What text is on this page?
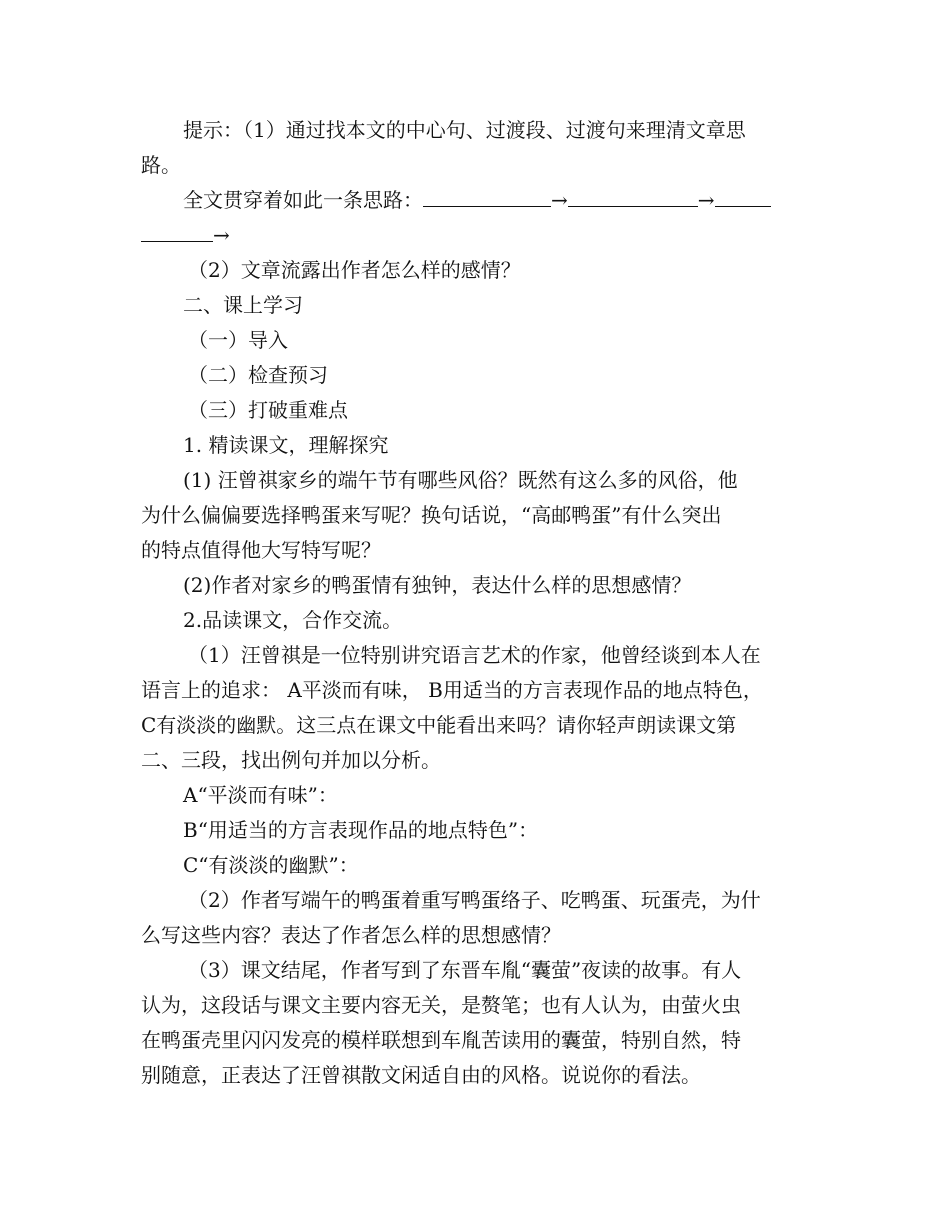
提示：（1）通过找本文的中心句、过渡段、过渡句来理清文章思
路。
全文贯穿着如此一条思路：	→	→
→
（2）文章流露出作者怎么样的感情？
二、课上学习
（一）导入
（二）检查预习
（三）打破重难点
1. 精读课文，理解探究
(1) 汪曾祺家乡的端午节有哪些风俗？既然有这么多的风俗，他
为什么偏偏要选择鸭蛋来写呢？换句话说，“高邮鸭蛋”有什么突出
的特点值得他大写特写呢？
(2)作者对家乡的鸭蛋情有独钟，表达什么样的思想感情？
2.品读课文，合作交流。
（1）汪曾祺是一位特别讲究语言艺术的作家，他曾经谈到本人在
语言上的追求： A平淡而有味， B用适当的方言表现作品的地点特色，
C有淡淡的幽默。这三点在课文中能看出来吗？请你轻声朗读课文第
二、三段，找出例句并加以分析。
A“平淡而有味”：
B“用适当的方言表现作品的地点特色”：
C“有淡淡的幽默”：
（2）作者写端午的鸭蛋着重写鸭蛋络子、吃鸭蛋、玩蛋壳，为什
么写这些内容？表达了作者怎么样的思想感情？
（3）课文结尾，作者写到了东晋车胤“囊萤”夜读的故事。有人
认为，这段话与课文主要内容无关，是赘笔；也有人认为，由萤火虫
在鸭蛋壳里闪闪发亮的模样联想到车胤苦读用的囊萤，特别自然，特
别随意，正表达了汪曾祺散文闲适自由的风格。说说你的看法。
